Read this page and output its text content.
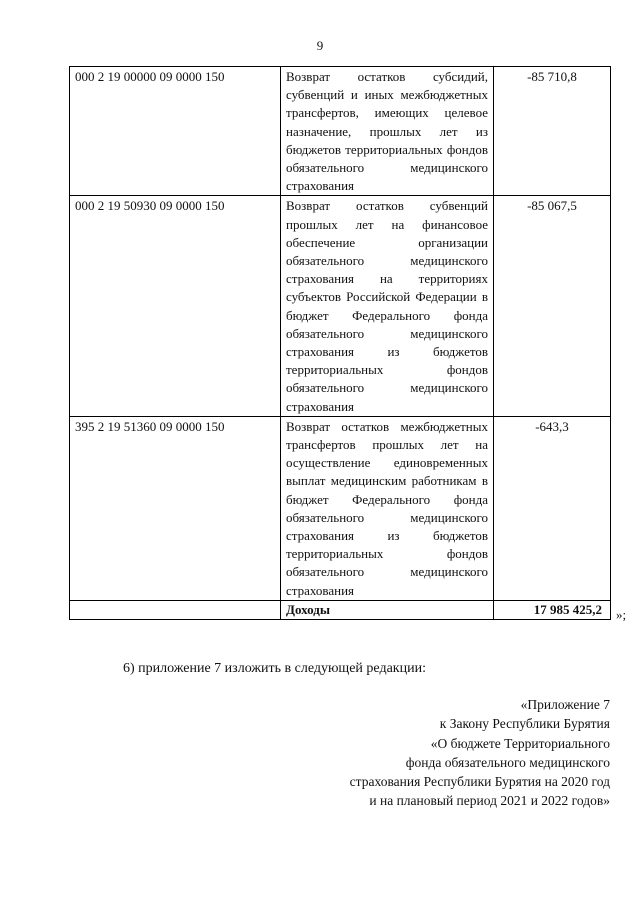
9
000 2 19 00000 09 0000 150	Возврат остатков субсидий, субвенций и иных межбюджетных трансфертов, имеющих целевое назначение, прошлых лет из бюджетов территориальных фондов обязательного медицинского страхования	-85 710,8
000 2 19 50930 09 0000 150	Возврат остатков субвенций прошлых лет на финансовое обеспечение организации обязательного медицинского страхования на территориях субъектов Российской Федерации в бюджет Федерального фонда обязательного медицинского страхования из бюджетов территориальных фондов обязательного медицинского страхования	-85 067,5
395 2 19 51360 09 0000 150	Возврат остатков межбюджетных трансфертов прошлых лет на осуществление единовременных выплат медицинским работникам в бюджет Федерального фонда обязательного медицинского страхования из бюджетов территориальных фондов обязательного медицинского страхования	-643,3
	Доходы	17 985 425,2 »;
6) приложение 7 изложить в следующей редакции:
«Приложение 7
к Закону Республики Бурятия
«О бюджете Территориального
фонда обязательного медицинского
страхования Республики Бурятия на 2020 год
и на плановый период 2021 и 2022 годов»
